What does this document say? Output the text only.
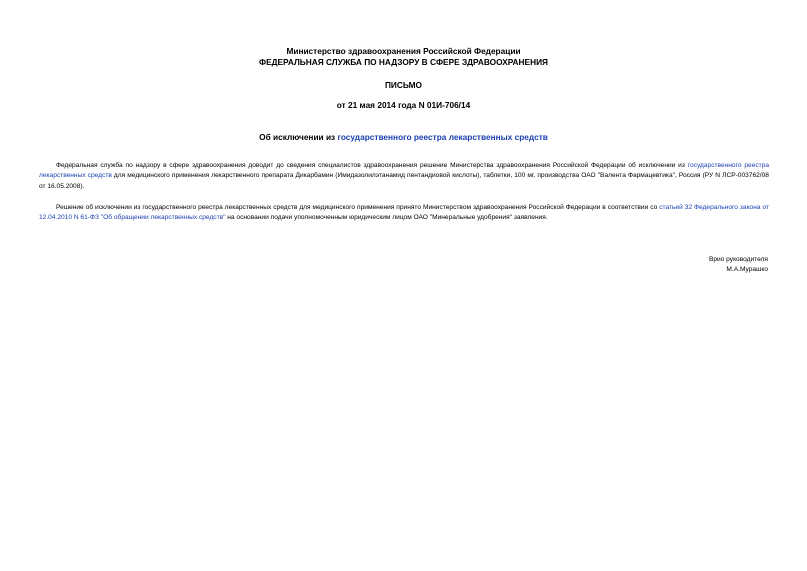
Министерство здравоохранения Российской Федерации
ФЕДЕРАЛЬНАЯ СЛУЖБА ПО НАДЗОРУ В СФЕРЕ ЗДРАВООХРАНЕНИЯ
ПИСЬМО
от 21 мая 2014 года N 01И-706/14
Об исключении из государственного реестра лекарственных средств
Федеральная служба по надзору в сфере здравоохранения доводит до сведения специалистов здравоохранения решение Министерства здравоохранения Российской Федерации об исключении из государственного реестра лекарственных средств для медицинского применения лекарственного препарата Дикарбамин (Имидазолилэтанамид пентандиовой кислоты), таблетки, 100 мг, производства ОАО "Валента Фармацевтика", Россия (РУ N ЛСР-003762/08 от 16.05.2008).
Решение об исключении из государственного реестра лекарственных средств для медицинского применения принято Министерством здравоохранения Российской Федерации в соответствии со статьей 32 Федерального закона от 12.04.2010 N 61-ФЗ "Об обращении лекарственных средств" на основании подачи уполномоченным юридическим лицом ОАО "Минеральные удобрения" заявления.
Врио руководителя
М.А.Мурашко
